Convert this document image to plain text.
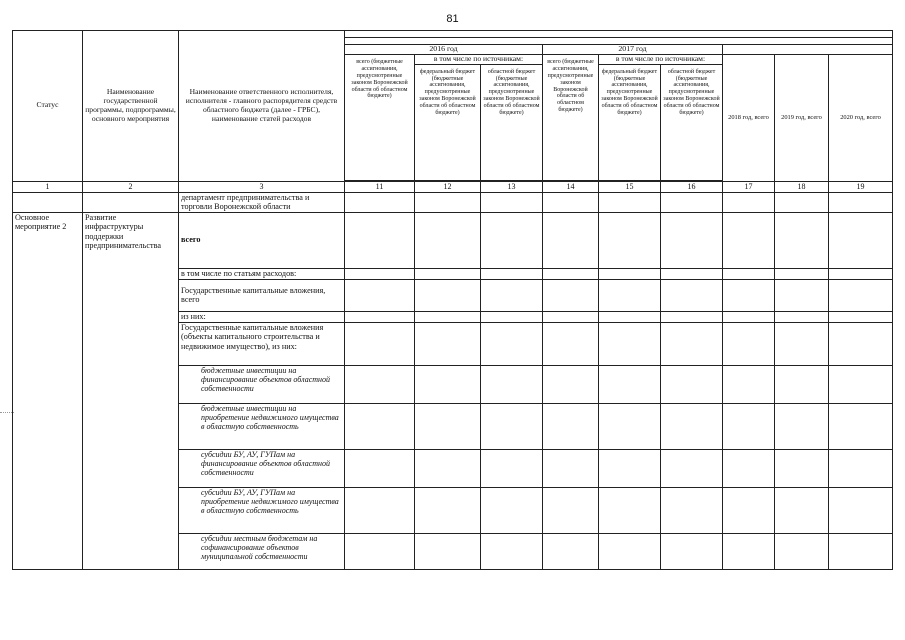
81
Статус	Наименование государственной программы, подпрограммы, основного мероприятия	Наименование ответственного исполнителя, исполнителя - главного распорядителя средств областного бюджета (далее - ГРБС), наименование статей расходов									

			2016 год			2017 год					
			всего (бюджетные ассигнования, предусмотренные законом Воронежской области об областном бюджете)	в том числе по источникам:		всего (бюджетные ассигнования, предусмотренные законом Воронежской области об областном бюджете)	в том числе по источникам:		2018 год, всего	2019 год, всего	2020 год, всего
				федеральный бюджет (бюджетные ассигнования, предусмотренные законом Воронежской области об областном бюджете)	областной бюджет (бюджетные ассигнования, предусмотренные законом Воронежской области об областном бюджете)		федеральный бюджет (бюджетные ассигнования, предусмотренные законом Воронежской области об областном бюджете)	областной бюджет (бюджетные ассигнования, предусмотренные законом Воронежской области об областном бюджете)			

1	2	3	11	12	13	14	15	16	17	18	19
		департамент предпринимательства и торговли Воронежской области									
Основное мероприятие 2	Развитие инфраструктуры поддержки предпринимательства	всего									
		в том числе по статьям расходов:									
		Государственные капитальные вложения, всего									
		из них:									
		Государственные капитальные вложения (объекты капитального строительства и недвижимое имущество), из них:									
		бюджетные инвестиции на финансирование объектов областной собственности									
		бюджетные инвестиции на приобретение недвижимого имущества в областную собственность									
		субсидии БУ, АУ, ГУПам на финансирование объектов областной собственности									
		субсидии БУ, АУ, ГУПам на приобретение недвижимого имущества в областную собственность									
		субсидии местным бюджетам на софинансирование объектов муниципальной собственности									
